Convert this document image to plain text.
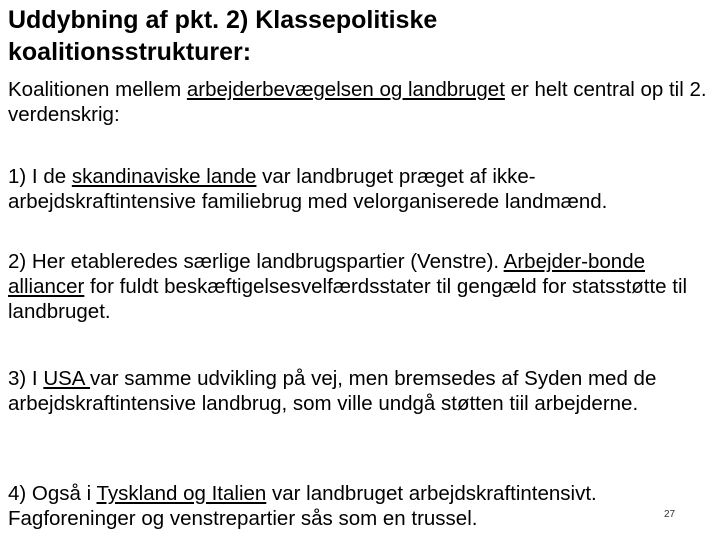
Uddybning af pkt. 2) Klassepolitiske
koalitionsstrukturer:

Koalitionen mellem arbejderbevægelsen og landbruget er helt central op til 2. verdenskrig:

1) I de skandinaviske lande var landbruget præget af ikke-arbejdskraftintensive familiebrug med velorganiserede landmænd.

2) Her etableredes særlige landbrugspartier (Venstre). Arbejder-bonde alliancer for fuldt beskæftigelsesvelfærdsstater til gengæld for statsstøtte til landbruget.

3) I USA var samme udvikling på vej, men bremsedes af Syden med de arbejdskraftintensive landbrug, som ville undgå støtten tiil arbejderne.

4) Også i Tyskland og Italien var landbruget arbejdskraftintensivt. Fagforeninger og venstrepartier sås som en trussel.	27
